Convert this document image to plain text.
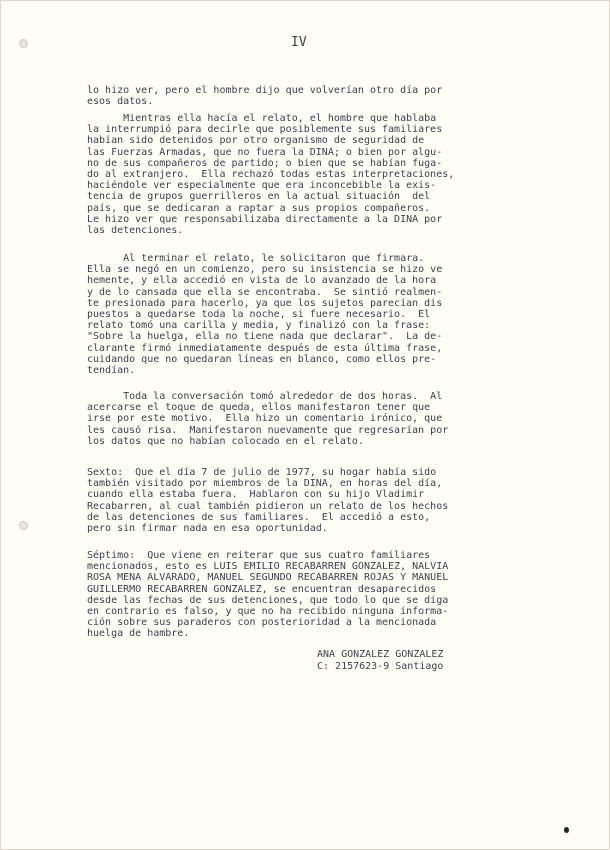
IV
lo hizo ver, pero el hombre dijo que volverían otro día por
esos datos.
Mientras ella hacía el relato, el hombre que hablaba
la interrumpió para decirle que posiblemente sus familiares
habían sido detenidos por otro organismo de seguridad de
las Fuerzas Armadas, que no fuera la DINA; o bien por algu-
no de sus compañeros de partido; o bien que se habían fuga-
do al extranjero.  Ella rechazó todas estas interpretaciones,
haciéndole ver especialmente que era inconcebible la exis-
tencia de grupos guerrilleros en la actual situación  del
país, que se dedicaran a raptar a sus propios compañeros.
Le hizo ver que responsabilizaba directamente a la DINA por
las detenciones.
Al terminar el relato, le solicitaron que firmara.
Ella se negó en un comienzo, pero su insistencia se hizo ve
hemente, y ella accedió en vista de lo avanzado de la hora
y de lo cansada que ella se encontraba.  Se sintió realmen-
te presionada para hacerlo, ya que los sujetos parecían dis
puestos a quedarse toda la noche, si fuere necesario.  El
relato tomó una carilla y media, y finalizó con la frase:
"Sobre la huelga, ella no tiene nada que declarar".  La de-
clarante firmó inmediatamente después de esta última frase,
cuidando que no quedaran líneas en blanco, como ellos pre-
tendían.
Toda la conversación tomó alrededor de dos horas.  Al
acercarse el toque de queda, ellos manifestaron tener que
irse por este motivo.  Ella hizo un comentario irónico, que
les causó risa.  Manifestaron nuevamente que regresarían por
los datos que no habían colocado en el relato.
Sexto:  Que el día 7 de julio de 1977, su hogar había sido
también visitado por miembros de la DINA, en horas del día,
cuando ella estaba fuera.  Hablaron con su hijo Vladimir
Recabarren, al cual también pidieron un relato de los hechos
de las detenciones de sus familiares.  El accedió a esto,
pero sin firmar nada en esa oportunidad.
Séptimo:  Que viene en reiterar que sus cuatro familiares
mencionados, esto es LUIS EMILIO RECABARREN GONZALEZ, NALVIA
ROSA MENA ALVARADO, MANUEL SEGUNDO RECABARREN ROJAS Y MANUEL
GUILLERMO RECABARREN GONZALEZ, se encuentran desaparecidos
desde las fechas de sus detenciones, que todo lo que se diga
en contrario es falso, y que no ha recibido ninguna informa-
ción sobre sus paraderos con posterioridad a la mencionada
huelga de hambre.
ANA GONZALEZ GONZALEZ
C: 2157623-9 Santiago
